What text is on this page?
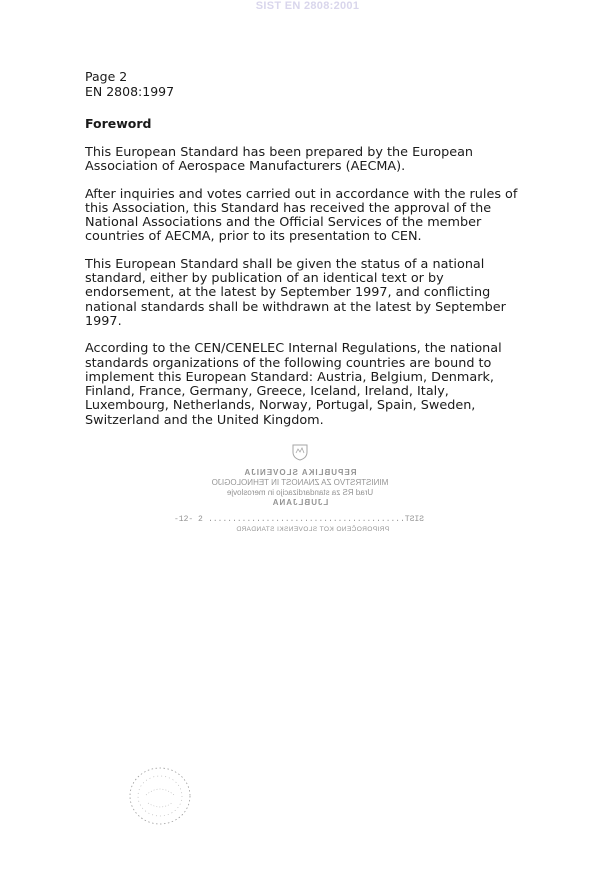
SIST EN 2808:2001

Page 2

EN 2808:1997

Foreword

This European Standard has been prepared by the European Association of Aerospace Manufacturers (AECMA).

After inquiries and votes carried out in accordance with the rules of this Association, this Standard has received the approval of the National Associations and the Official Services of the member countries of AECMA, prior to its presentation to CEN.

This European Standard shall be given the status of a national standard, either by publication of an identical text or by endorsement, at the latest by September 1997, and conflicting national standards shall be withdrawn at the latest by September 1997.

According to the CEN/CENELEC Internal Regulations, the national standards organizations of the following countries are bound to implement this European Standard: Austria, Belgium, Denmark, Finland, France, Germany, Greece, Iceland, Ireland, Italy, Luxembourg, Netherlands, Norway, Portugal, Spain, Sweden, Switzerland and the United Kingdom.

REPUBLIKA SLOVENIJA
MINISTRSTVO ZA ZNANOST IN TEHNOLOGIJO
Urad RS za standardizacijo in meroslovje
LJUBLJANA
-12- 2 SIST.........................................
PRIPOROČENO KOT SLOVENSKI STANDARD
